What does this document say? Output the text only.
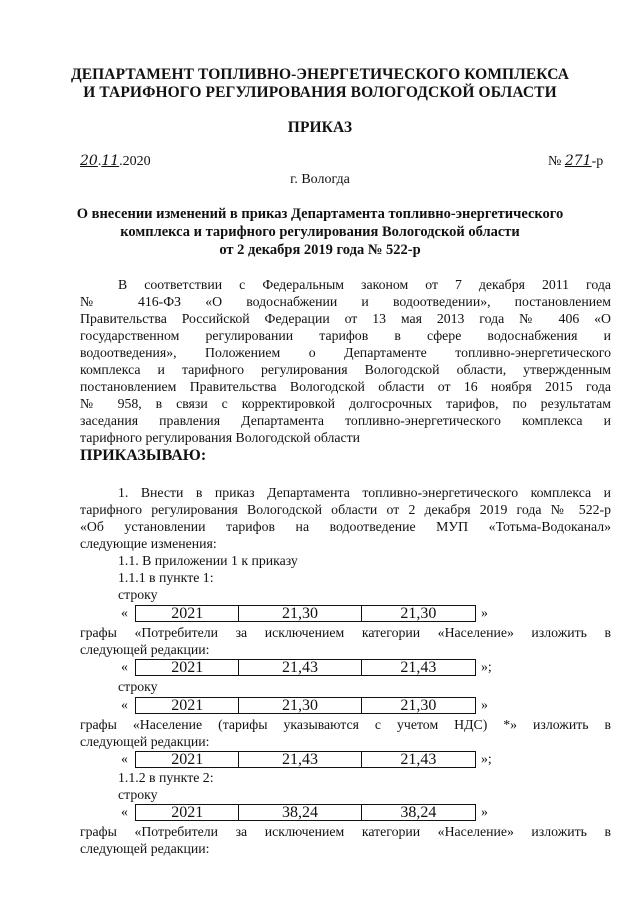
ДЕПАРТАМЕНТ ТОПЛИВНО-ЭНЕРГЕТИЧЕСКОГО КОМПЛЕКСА
И ТАРИФНОГО РЕГУЛИРОВАНИЯ ВОЛОГОДСКОЙ ОБЛАСТИ
ПРИКАЗ
20.11.2020	№ 271-р
г. Вологда
О внесении изменений в приказ Департамента топливно-энергетического
комплекса и тарифного регулирования Вологодской области
от 2 декабря 2019 года № 522-р
В соответствии с Федеральным законом от 7 декабря 2011 года
№ 416-ФЗ «О водоснабжении и водоотведении», постановлением
Правительства Российской Федерации от 13 мая 2013 года № 406 «О
государственном регулировании тарифов в сфере водоснабжения и
водоотведения», Положением о Департаменте топливно-энергетического
комплекса и тарифного регулирования Вологодской области, утвержденным
постановлением Правительства Вологодской области от 16 ноября 2015 года
№ 958, в связи с корректировкой долгосрочных тарифов, по результатам
заседания правления Департамента топливно-энергетического комплекса и
тарифного регулирования Вологодской области
ПРИКАЗЫВАЮ:
1. Внести в приказ Департамента топливно-энергетического комплекса и
тарифного регулирования Вологодской области от 2 декабря 2019 года № 522-р
«Об установлении тарифов на водоотведение МУП «Тотьма-Водоканал»
следующие изменения:
1.1. В приложении 1 к приказу
1.1.1 в пункте 1:
строку
«	2021	21,30	21,30	»
графы «Потребители за исключением категории «Население» изложить в
следующей редакции:
«	2021	21,43	21,43	»;
строку
«	2021	21,30	21,30	»
графы «Население (тарифы указываются с учетом НДС) *» изложить в
следующей редакции:
«	2021	21,43	21,43	»;
1.1.2 в пункте 2:
строку
«	2021	38,24	38,24	»
графы «Потребители за исключением категории «Население» изложить в
следующей редакции:
